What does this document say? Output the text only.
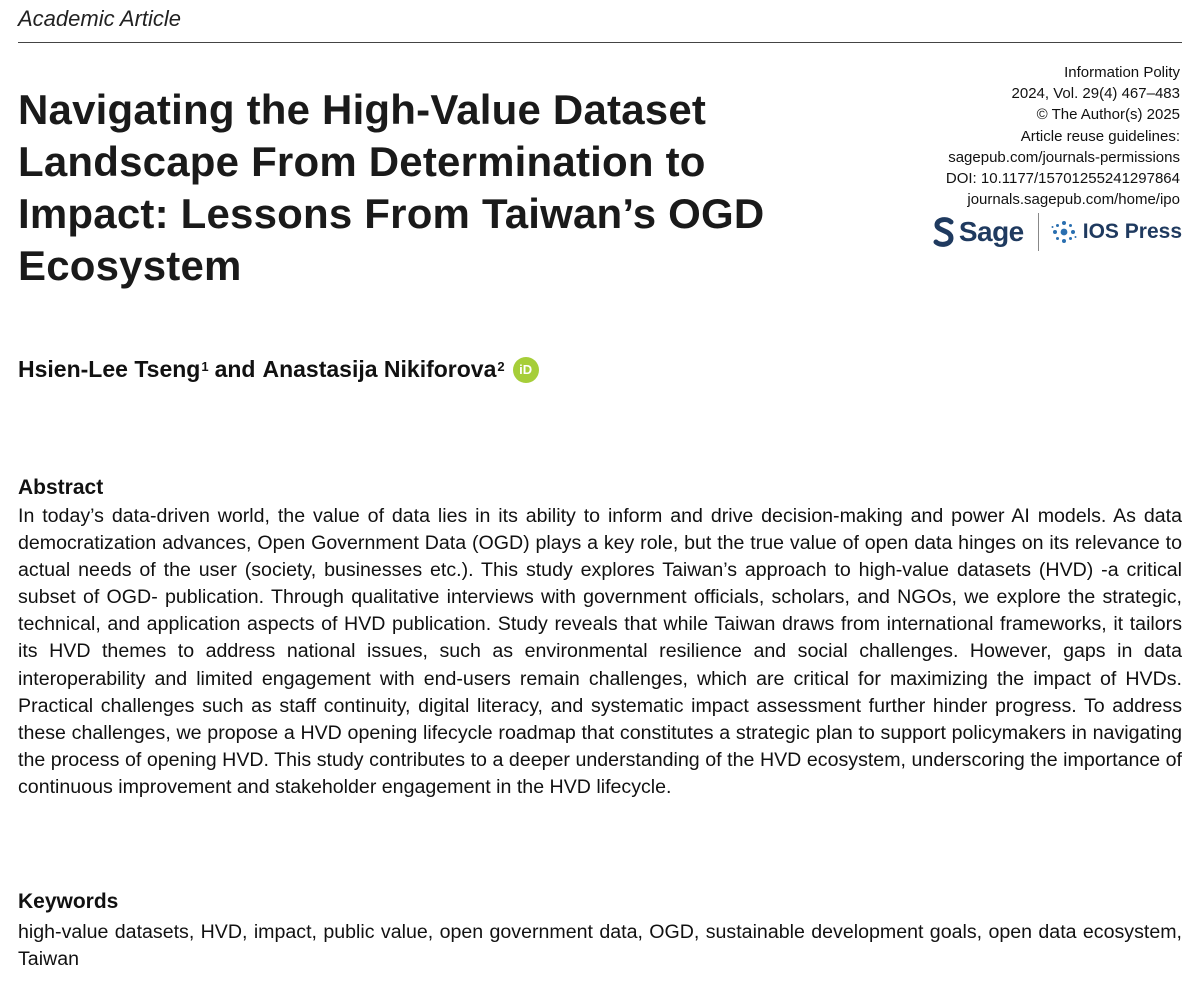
Academic Article
Navigating the High-Value Dataset Landscape From Determination to Impact: Lessons From Taiwan’s OGD Ecosystem
Information Polity
2024, Vol. 29(4) 467–483
© The Author(s) 2025
Article reuse guidelines:
sagepub.com/journals-permissions
DOI: 10.1177/15701255241297864
journals.sagepub.com/home/ipo
Sage	IOS Press
Hsien-Lee Tseng$^1$ and Anastasija Nikiforova$^2$	iD
Abstract

In today’s data-driven world, the value of data lies in its ability to inform and drive decision-making and power AI models. As data democratization advances, Open Government Data (OGD) plays a key role, but the true value of open data hinges on its relevance to actual needs of the user (society, businesses etc.). This study explores Taiwan’s approach to high-value datasets (HVD) -a critical subset of OGD- publication. Through qualitative interviews with government officials, scholars, and NGOs, we explore the strategic, technical, and application aspects of HVD publication. Study reveals that while Taiwan draws from international frameworks, it tailors its HVD themes to address national issues, such as environmental resilience and social challenges. However, gaps in data interoperability and limited engagement with end-users remain challenges, which are critical for maximizing the impact of HVDs. Practical challenges such as staff continuity, digital literacy, and systematic impact assessment further hinder progress. To address these challenges, we propose a HVD opening lifecycle roadmap that constitutes a strategic plan to support policymakers in navigating the process of opening HVD. This study contributes to a deeper understanding of the HVD ecosystem, underscoring the importance of continuous improvement and stakeholder engagement in the HVD lifecycle.

Keywords

high-value datasets, HVD, impact, public value, open government data, OGD, sustainable development goals, open data ecosystem, Taiwan
